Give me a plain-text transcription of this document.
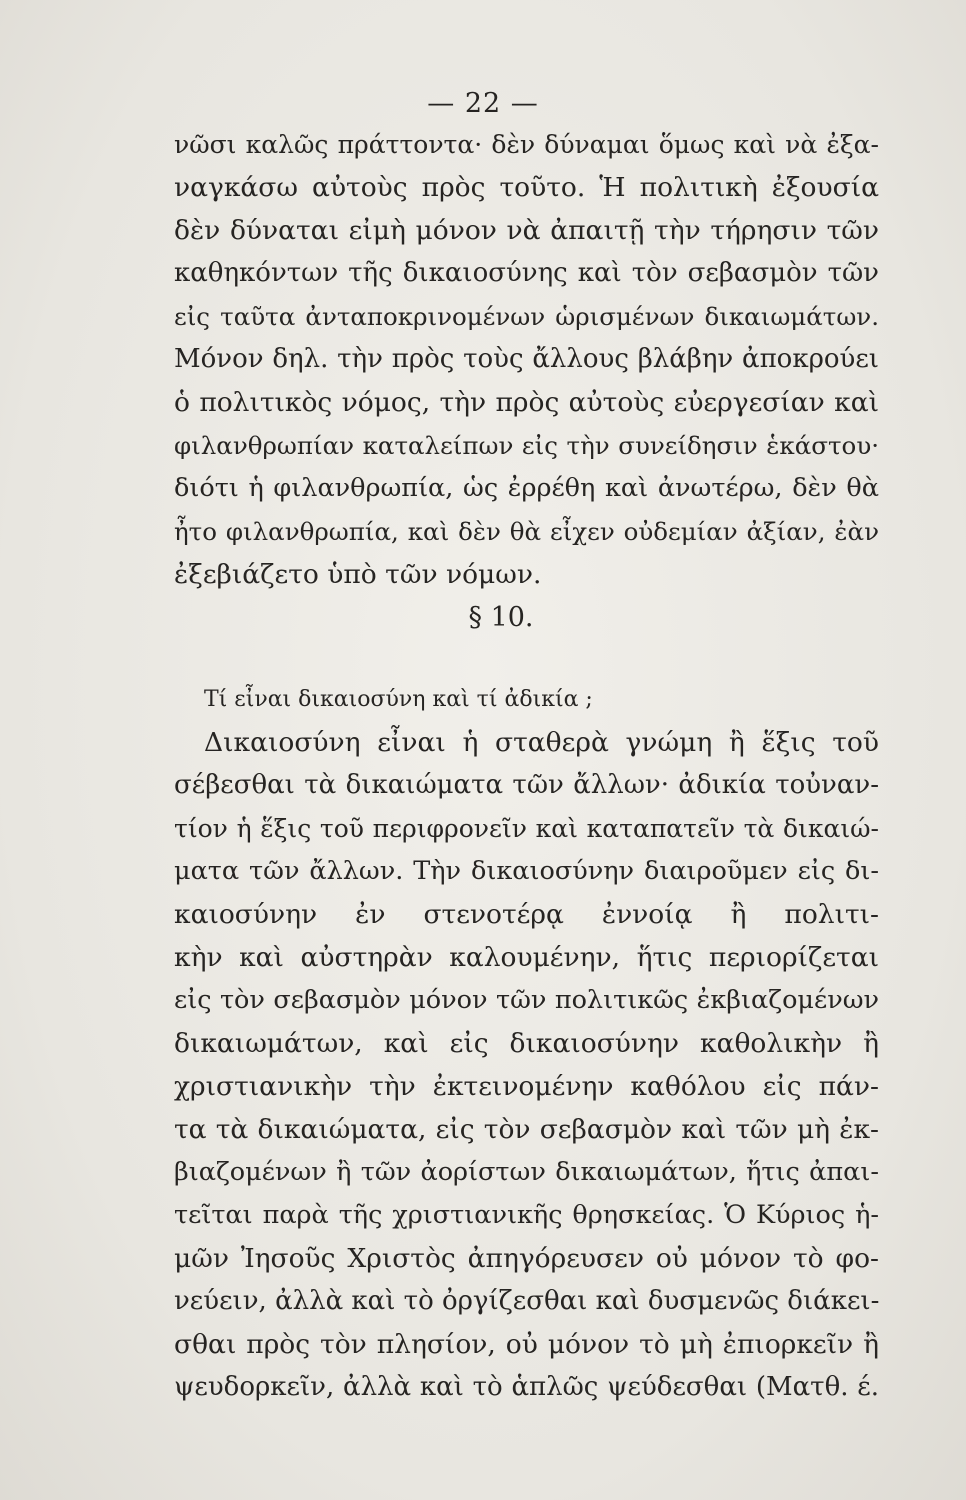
— 22 —
νῶσι καλῶς πράττοντα· δὲν δύναμαι ὅμως καὶ νὰ ἐξα-
ναγκάσω αὐτοὺς πρὸς τοῦτο. Ἡ πολιτικὴ ἐξουσία
δὲν δύναται εἰμὴ μόνον νὰ ἀπαιτῇ τὴν τήρησιν τῶν
καθηκόντων τῆς δικαιοσύνης καὶ τὸν σεβασμὸν τῶν
εἰς ταῦτα ἀνταποκρινομένων ὡρισμένων δικαιωμάτων.
Μόνον δηλ. τὴν πρὸς τοὺς ἄλλους βλάβην ἀποκρούει
ὁ πολιτικὸς νόμος, τὴν πρὸς αὐτοὺς εὐεργεσίαν καὶ
φιλανθρωπίαν καταλείπων εἰς τὴν συνείδησιν ἑκάστου·
διότι ἡ φιλανθρωπία, ὡς ἐρρέθη καὶ ἀνωτέρω, δὲν θὰ
ἦτο φιλανθρωπία, καὶ δὲν θὰ εἶχεν οὐδεμίαν ἀξίαν, ἐὰν
ἐξεβιάζετο ὑπὸ τῶν νόμων.
§ 10.
Τί εἶναι δικαιοσύνη καὶ τί ἀδικία ;
Δικαιοσύνη εἶναι ἡ σταθερὰ γνώμη ἢ ἕξις τοῦ
σέβεσθαι τὰ δικαιώματα τῶν ἄλλων· ἀδικία τοὐναν-
τίον ἡ ἕξις τοῦ περιφρονεῖν καὶ καταπατεῖν τὰ δικαιώ-
ματα τῶν ἄλλων. Τὴν δικαιοσύνην διαιροῦμεν εἰς δι-
καιοσύνην ἐν στενοτέρᾳ ἐννοίᾳ ἢ πολιτι-
κὴν καὶ αὐστηρὰν καλουμένην, ἥτις περιορίζεται
εἰς τὸν σεβασμὸν μόνον τῶν πολιτικῶς ἐκβιαζομένων
δικαιωμάτων, καὶ εἰς δικαιοσύνην καθολικὴν ἢ
χριστιανικὴν τὴν ἐκτεινομένην καθόλου εἰς πάν-
τα τὰ δικαιώματα, εἰς τὸν σεβασμὸν καὶ τῶν μὴ ἐκ-
βιαζομένων ἢ τῶν ἀορίστων δικαιωμάτων, ἥτις ἀπαι-
τεῖται παρὰ τῆς χριστιανικῆς θρησκείας. Ὁ Κύριος ἡ-
μῶν Ἰησοῦς Χριστὸς ἀπηγόρευσεν οὐ μόνον τὸ φο-
νεύειν, ἀλλὰ καὶ τὸ ὀργίζεσθαι καὶ δυσμενῶς διάκει-
σθαι πρὸς τὸν πλησίον, οὐ μόνον τὸ μὴ ἐπιορκεῖν ἢ
ψευδορκεῖν, ἀλλὰ καὶ τὸ ἁπλῶς ψεύδεσθαι (Ματθ. έ.
